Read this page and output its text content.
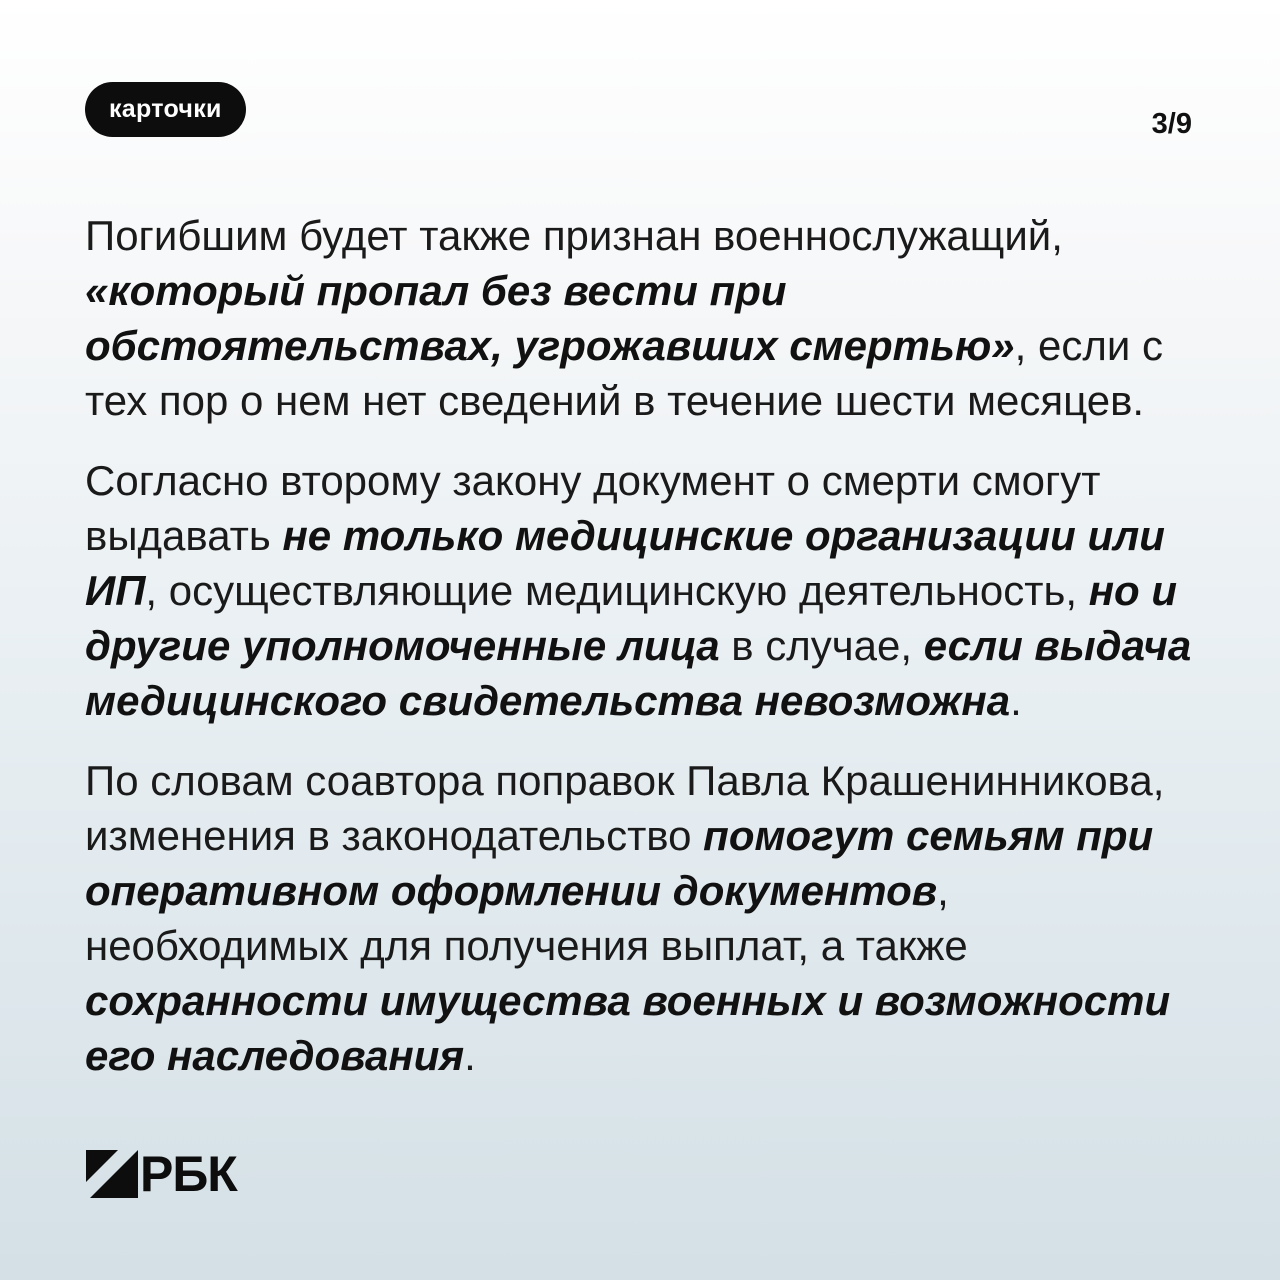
карточки	3/9

Погибшим будет также признан военнослужащий, «который пропал без вести при обстоятельствах, угрожавших смертью», если с тех пор о нем нет сведений в течение шести месяцев.

Согласно второму закону документ о смерти смогут выдавать не только медицинские организации или ИП, осуществляющие медицинскую деятельность, но и другие уполномоченные лица в случае, если выдача медицинского свидетельства невозможна.

По словам соавтора поправок Павла Крашенинникова, изменения в законодательство помогут семьям при оперативном оформлении документов, необходимых для получения выплат, а также сохранности имущества военных и возможности его наследования.

РБК
